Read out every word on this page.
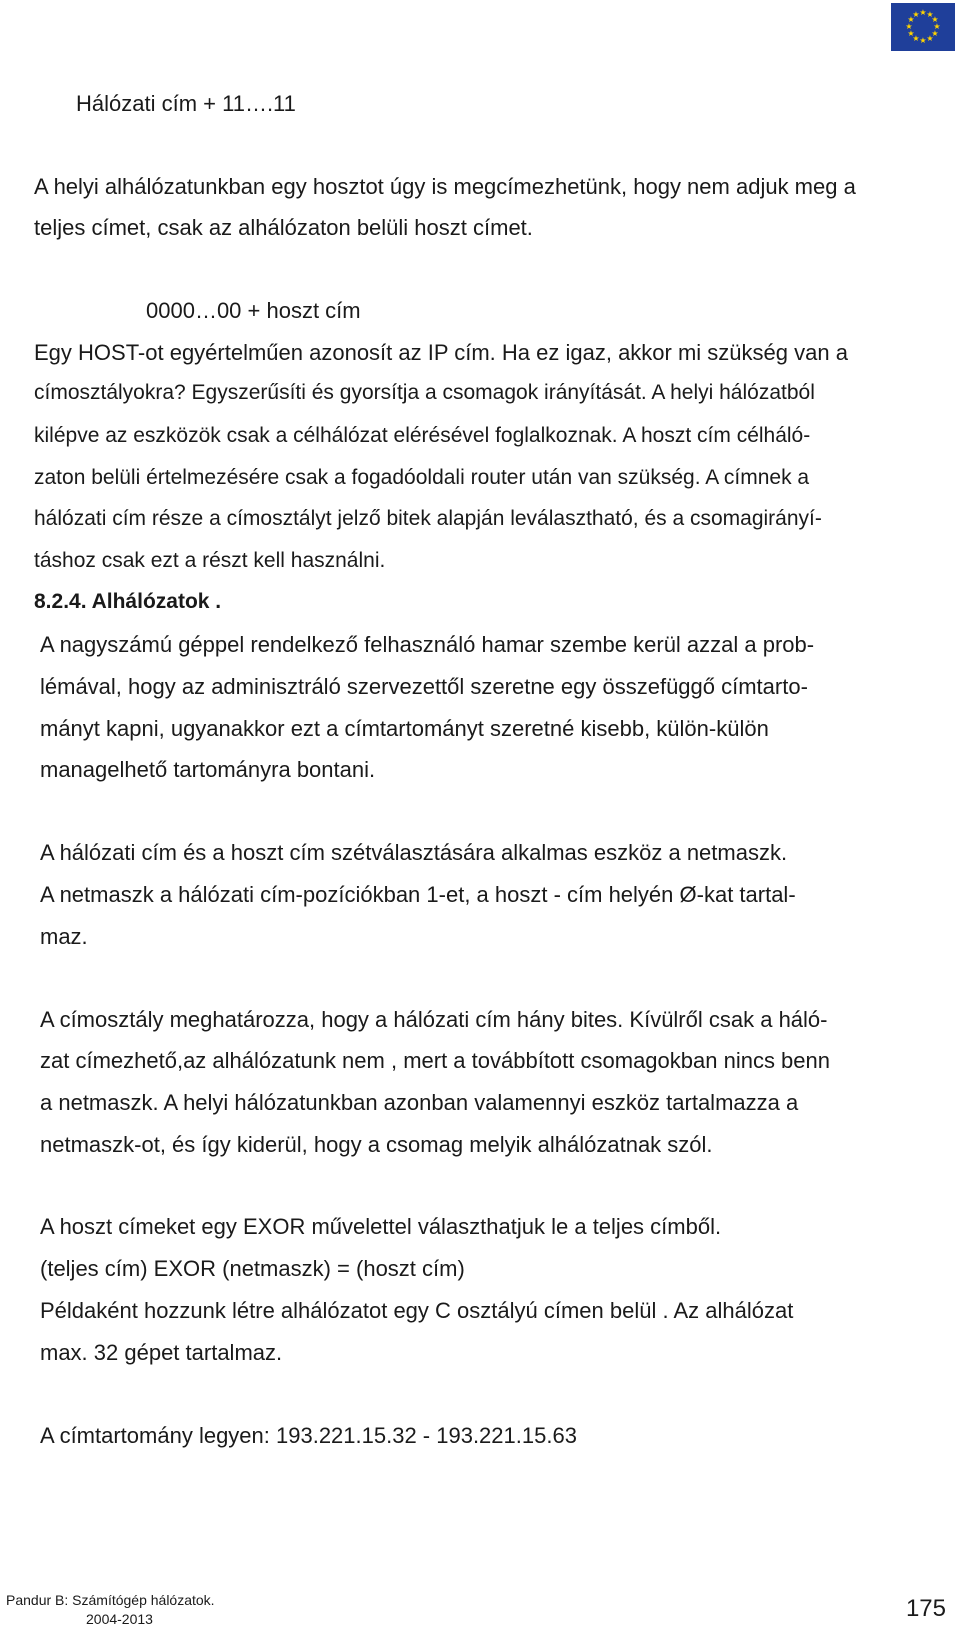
★ ★
★
★
★
★
★
★
★
★
★
★
Hálózati cím + 11….11
A helyi alhálózatunkban egy hosztot úgy is megcímezhetünk, hogy nem adjuk meg a
teljes címet, csak az alhálózaton belüli hoszt címet.
0000…00 + hoszt cím
Egy HOST-ot egyértelműen azonosít az IP cím. Ha ez igaz, akkor mi szükség van a
címosztályokra? Egyszerűsíti és gyorsítja a csomagok irányítását. A helyi hálózatból
kilépve az eszközök csak a célhálózat elérésével foglalkoznak. A hoszt cím célháló-
zaton belüli értelmezésére csak a fogadóoldali router után van szükség. A címnek a
hálózati cím része a címosztályt jelző bitek alapján leválasztható, és a csomagirányí-
táshoz csak ezt a részt kell használni.
8.2.4. Alhálózatok .
A nagyszámú géppel rendelkező felhasználó hamar szembe kerül azzal a prob-
lémával, hogy az adminisztráló szervezettől szeretne egy összefüggő címtarto-
mányt kapni, ugyanakkor ezt a címtartományt szeretné kisebb, külön-külön
managelhető tartományra bontani.
A hálózati cím és a hoszt cím szétválasztására alkalmas eszköz a netmaszk.
A netmaszk a hálózati cím-pozíciókban 1-et, a hoszt - cím helyén Ø-kat tartal-
maz.
A címosztály meghatározza, hogy a hálózati cím hány bites. Kívülről csak a háló-
zat címezhető,az alhálózatunk nem , mert a továbbított csomagokban nincs benn
a netmaszk. A helyi hálózatunkban azonban valamennyi eszköz tartalmazza a
netmaszk-ot, és így kiderül, hogy a csomag melyik alhálózatnak szól.
A hoszt címeket egy EXOR művelettel választhatjuk le a teljes címből.
(teljes cím) EXOR (netmaszk) = (hoszt cím)
Példaként hozzunk létre alhálózatot egy C osztályú címen belül . Az alhálózat
max. 32 gépet tartalmaz.
A címtartomány legyen: 193.221.15.32 - 193.221.15.63
Pandur B: Számítógép hálózatok.
2004-2013	175
